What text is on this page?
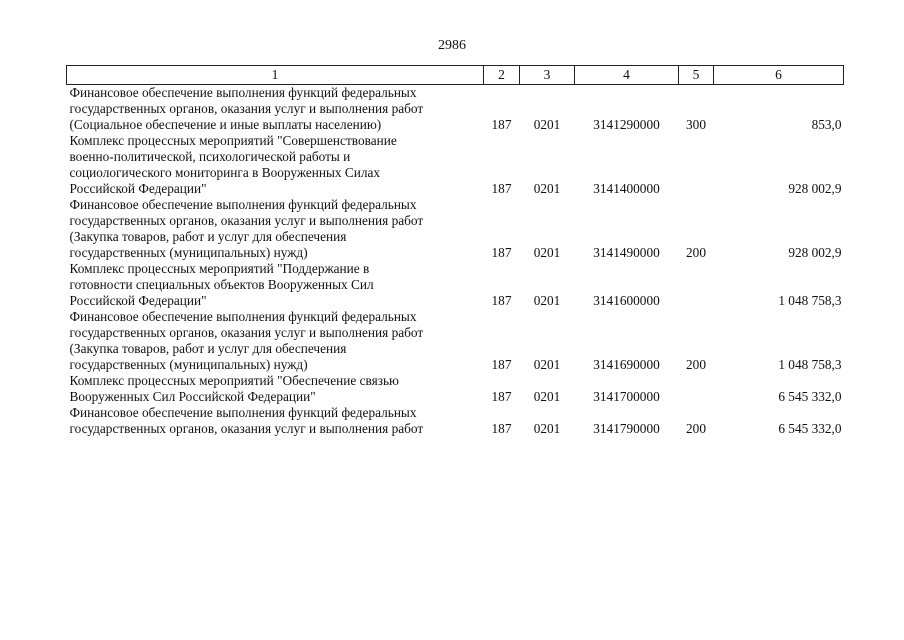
2986
1	2	3	4	5	6

Финансовое обеспечение выполнения функций федеральных
государственных органов, оказания услуг и выполнения работ
(Социальное обеспечение и иные выплаты населению)	187	0201	3141290000	300	853,0

Комплекс процессных мероприятий "Совершенствование
военно-политической, психологической работы и
социологического мониторинга в Вооруженных Силах
Российской Федерации"	187	0201	3141400000		928 002,9

Финансовое обеспечение выполнения функций федеральных
государственных органов, оказания услуг и выполнения работ
(Закупка товаров, работ и услуг для обеспечения
государственных (муниципальных) нужд)	187	0201	3141490000	200	928 002,9

Комплекс процессных мероприятий "Поддержание в
готовности специальных объектов Вооруженных Сил
Российской Федерации"	187	0201	3141600000		1 048 758,3

Финансовое обеспечение выполнения функций федеральных
государственных органов, оказания услуг и выполнения работ
(Закупка товаров, работ и услуг для обеспечения
государственных (муниципальных) нужд)	187	0201	3141690000	200	1 048 758,3

Комплекс процессных мероприятий "Обеспечение связью
Вооруженных Сил Российской Федерации"	187	0201	3141700000		6 545 332,0

Финансовое обеспечение выполнения функций федеральных
государственных органов, оказания услуг и выполнения работ	187	0201	3141790000	200	6 545 332,0
